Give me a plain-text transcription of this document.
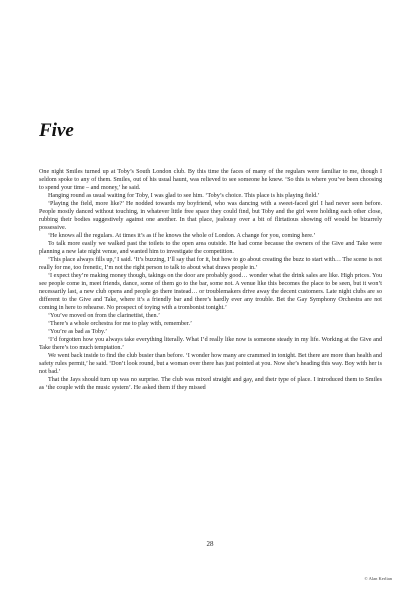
Five

One night Smiles turned up at Toby’s South London club. By this time the faces of many of the regulars were familiar to me, though I seldom spoke to any of them. Smiles, out of his usual haunt, was relieved to see someone he knew. ‘So this is where you’ve been choosing to spend your time – and money,’ he said.

Hanging round as usual waiting for Toby, I was glad to see him. ‘Toby’s choice. This place is his playing field.’

‘Playing the field, more like?’ He nodded towards my boyfriend, who was dancing with a sweet-faced girl I had never seen before. People mostly danced without touching, in whatever little free space they could find, but Toby and the girl were holding each other close, rubbing their bodies suggestively against one another. In that place, jealousy over a bit of flirtatious showing off would be bizarrely possessive.

‘He knows all the regulars. At times it’s as if he knows the whole of London. A change for you, coming here.’

To talk more easily we walked past the toilets to the open area outside. He had come because the owners of the Give and Take were planning a new late night venue, and wanted him to investigate the competition.

‘This place always fills up,’ I said. ‘It’s buzzing, I’ll say that for it, but how to go about creating the buzz to start with… The scene is not really for me, too frenetic, I’m not the right person to talk to about what draws people in.’

‘I expect they’re making money though, takings on the door are probably good… wonder what the drink sales are like. High prices. You see people come in, meet friends, dance, some of them go to the bar, some not. A venue like this becomes the place to be seen, but it won’t necessarily last, a new club opens and people go there instead… or troublemakers drive away the decent customers. Late night clubs are so different to the Give and Take, where it’s a friendly bar and there’s hardly ever any trouble. Bet the Gay Symphony Orchestra are not coming in here to rehearse. No prospect of toying with a trombonist tonight.’

‘You’ve moved on from the clarinettist, then.’

‘There’s a whole orchestra for me to play with, remember.’

‘You’re as bad as Toby.’

‘I’d forgotten how you always take everything literally. What I’d really like now is someone steady in my life. Working at the Give and Take there’s too much temptation.’

We went back inside to find the club busier than before. ‘I wonder how many are crammed in tonight. Bet there are more than health and safety rules permit,’ he said. ‘Don’t look round, but a woman over there has just pointed at you. Now she’s heading this way. Boy with her is not bad.’

That the Jays should turn up was no surprise. The club was mixed straight and gay, and their type of place. I introduced them to Smiles as ‘the couple with the music system’. He asked them if they missed

28
© Alan Kerlian
